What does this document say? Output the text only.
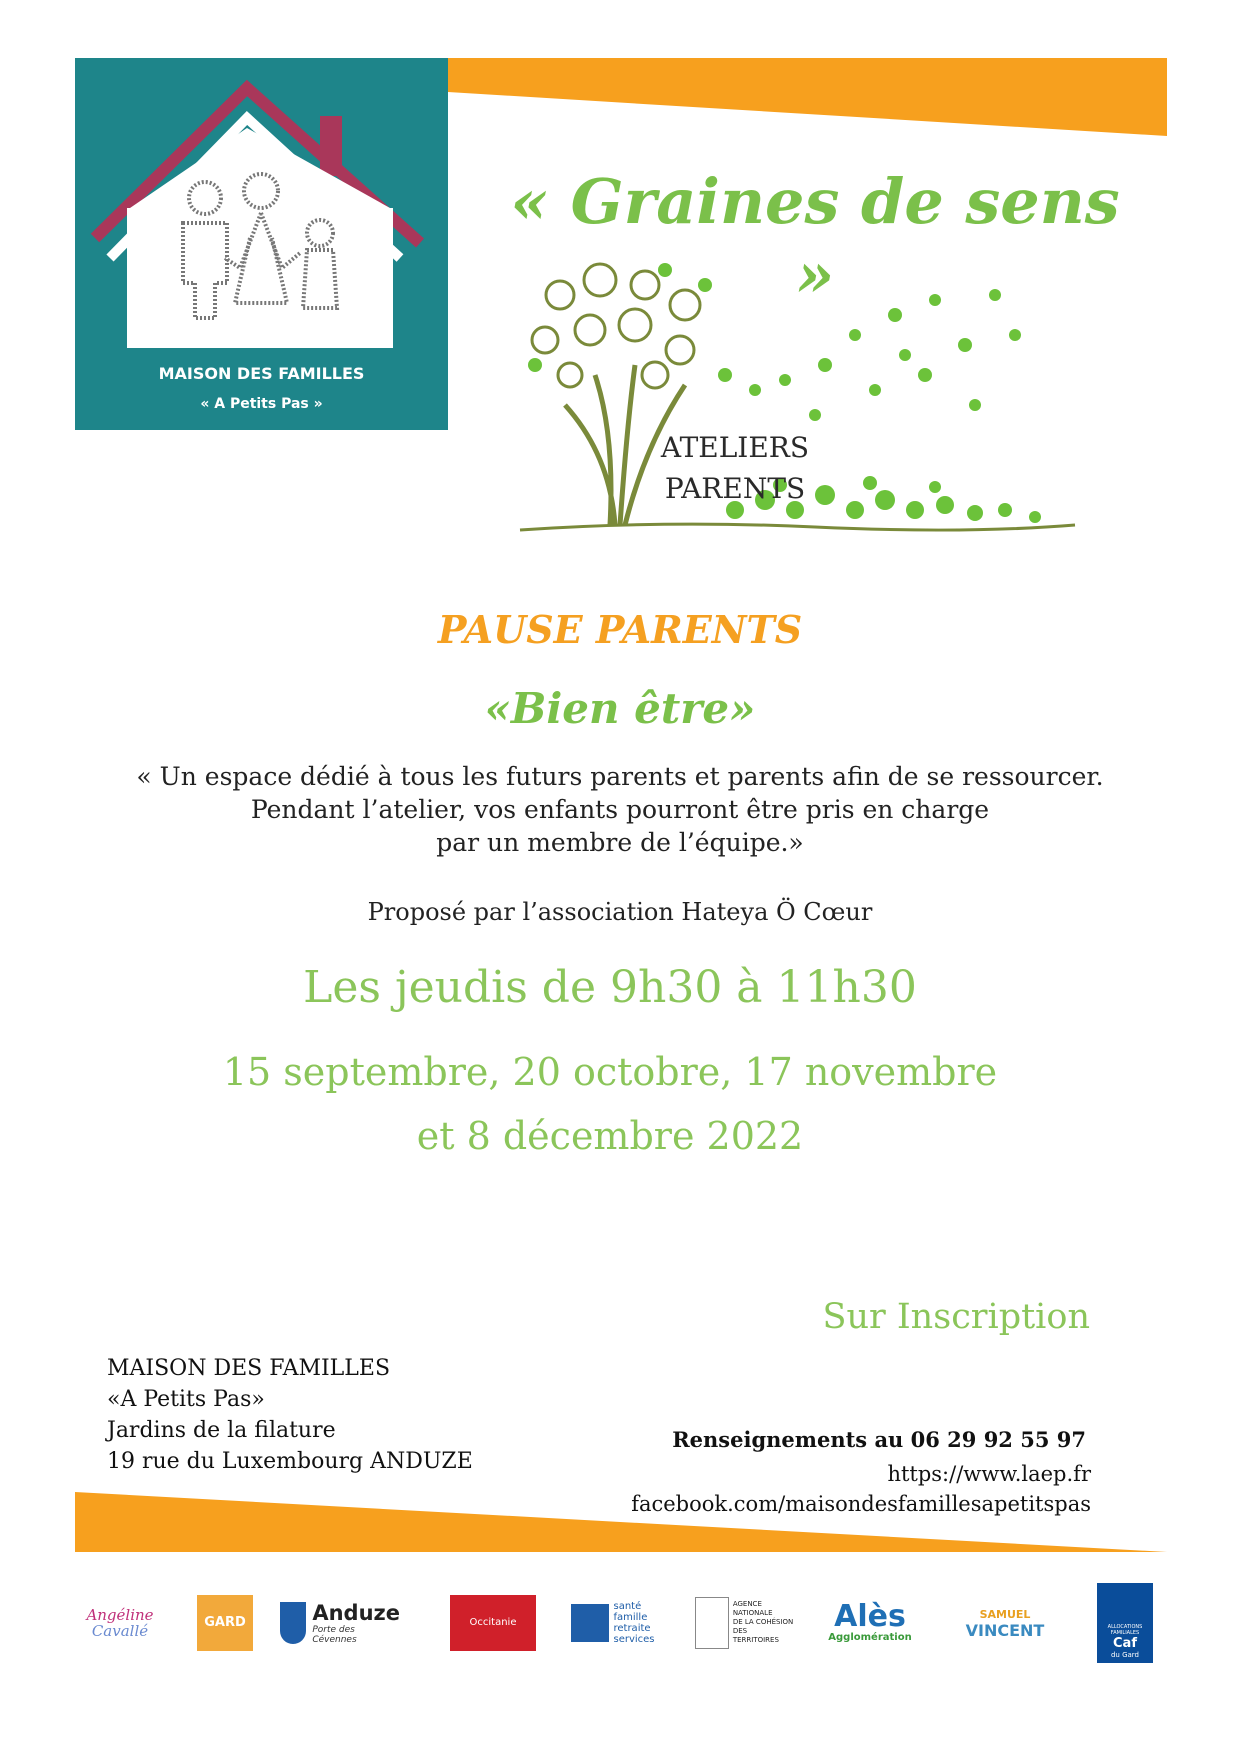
MAISON DES FAMILLES
« A Petits Pas »
« Graines de sens »
ATELIERS
PARENTS
PAUSE PARENTS
«Bien être»
« Un espace dédié à tous les futurs parents et parents afin de se ressourcer.
Pendant l’atelier, vos enfants pourront être pris en charge
par un membre de l’équipe.»
Proposé par l’association Hateya Ö Cœur
Les jeudis de 9h30 à 11h30
15 septembre, 20 octobre, 17 novembre
et 8 décembre 2022
Sur Inscription
MAISON DES FAMILLES
«A Petits Pas»
Jardins de la filature
19 rue du Luxembourg ANDUZE
Renseignements au 06 29 92 55 97
https://www.laep.fr
facebook.com/maisondesfamillesapetitspas
Angéline
Cavallé	GARD	Anduze
Porte des Cévennes
Occitanie
santé
famille
retraite
services
AGENCE
NATIONALE
DE LA COHÉSION
DES TERRITOIRES
Alès
Agglomération
SAMUEL
VINCENT	ALLOCATIONS FAMILIALES
Caf
du Gard
